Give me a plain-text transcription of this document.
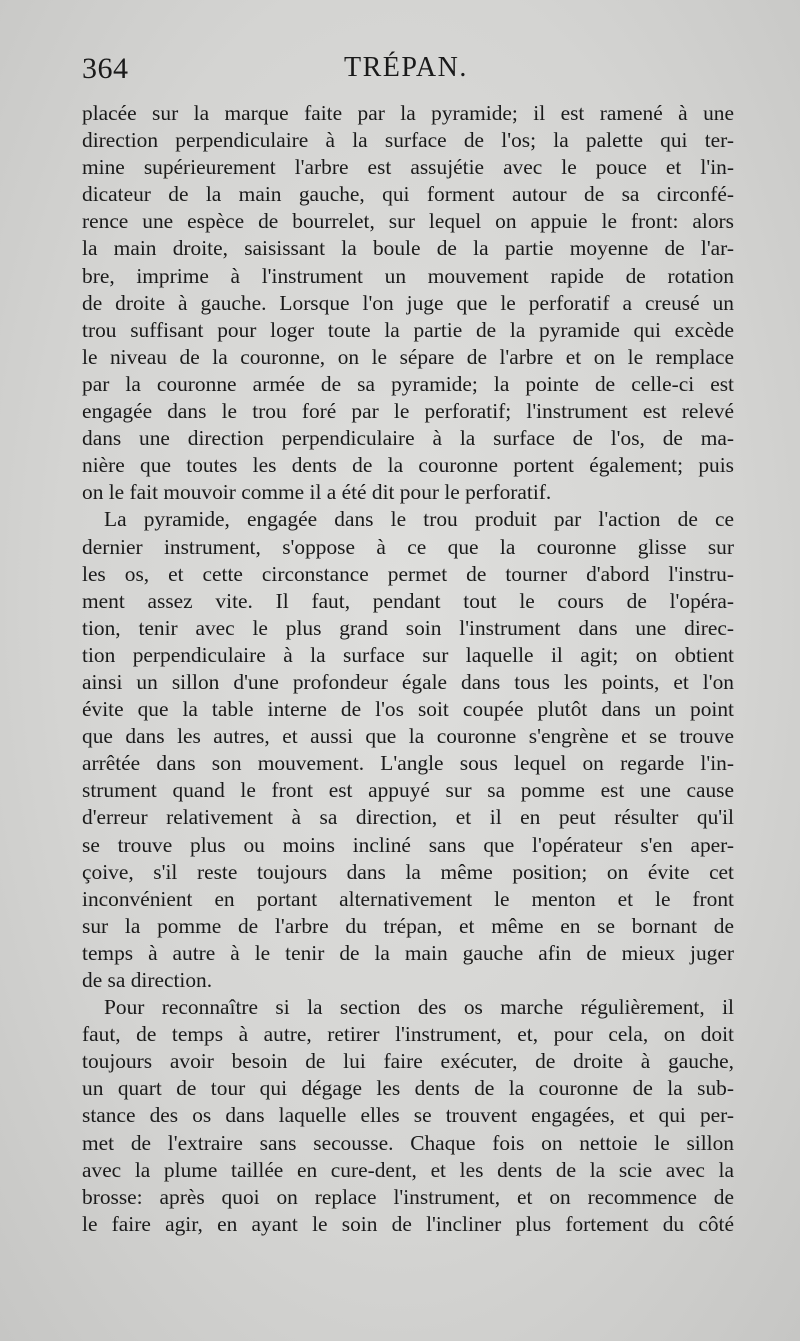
364	TRÉPAN.
placée sur la marque faite par la pyramide; il est ramené à une
direction perpendiculaire à la surface de l'os; la palette qui ter-
mine supérieurement l'arbre est assujétie avec le pouce et l'in-
dicateur de la main gauche, qui forment autour de sa circonfé-
rence une espèce de bourrelet, sur lequel on appuie le front: alors
la main droite, saisissant la boule de la partie moyenne de l'ar-
bre, imprime à l'instrument un mouvement rapide de rotation
de droite à gauche. Lorsque l'on juge que le perforatif a creusé un
trou suffisant pour loger toute la partie de la pyramide qui excède
le niveau de la couronne, on le sépare de l'arbre et on le remplace
par la couronne armée de sa pyramide; la pointe de celle-ci est
engagée dans le trou foré par le perforatif; l'instrument est relevé
dans une direction perpendiculaire à la surface de l'os, de ma-
nière que toutes les dents de la couronne portent également; puis
on le fait mouvoir comme il a été dit pour le perforatif.
La pyramide, engagée dans le trou produit par l'action de ce
dernier instrument, s'oppose à ce que la couronne glisse sur
les os, et cette circonstance permet de tourner d'abord l'instru-
ment assez vite. Il faut, pendant tout le cours de l'opéra-
tion, tenir avec le plus grand soin l'instrument dans une direc-
tion perpendiculaire à la surface sur laquelle il agit; on obtient
ainsi un sillon d'une profondeur égale dans tous les points, et l'on
évite que la table interne de l'os soit coupée plutôt dans un point
que dans les autres, et aussi que la couronne s'engrène et se trouve
arrêtée dans son mouvement. L'angle sous lequel on regarde l'in-
strument quand le front est appuyé sur sa pomme est une cause
d'erreur relativement à sa direction, et il en peut résulter qu'il
se trouve plus ou moins incliné sans que l'opérateur s'en aper-
çoive, s'il reste toujours dans la même position; on évite cet
inconvénient en portant alternativement le menton et le front
sur la pomme de l'arbre du trépan, et même en se bornant de
temps à autre à le tenir de la main gauche afin de mieux juger
de sa direction.
Pour reconnaître si la section des os marche régulièrement, il
faut, de temps à autre, retirer l'instrument, et, pour cela, on doit
toujours avoir besoin de lui faire exécuter, de droite à gauche,
un quart de tour qui dégage les dents de la couronne de la sub-
stance des os dans laquelle elles se trouvent engagées, et qui per-
met de l'extraire sans secousse. Chaque fois on nettoie le sillon
avec la plume taillée en cure-dent, et les dents de la scie avec la
brosse: après quoi on replace l'instrument, et on recommence de
le faire agir, en ayant le soin de l'incliner plus fortement du côté
